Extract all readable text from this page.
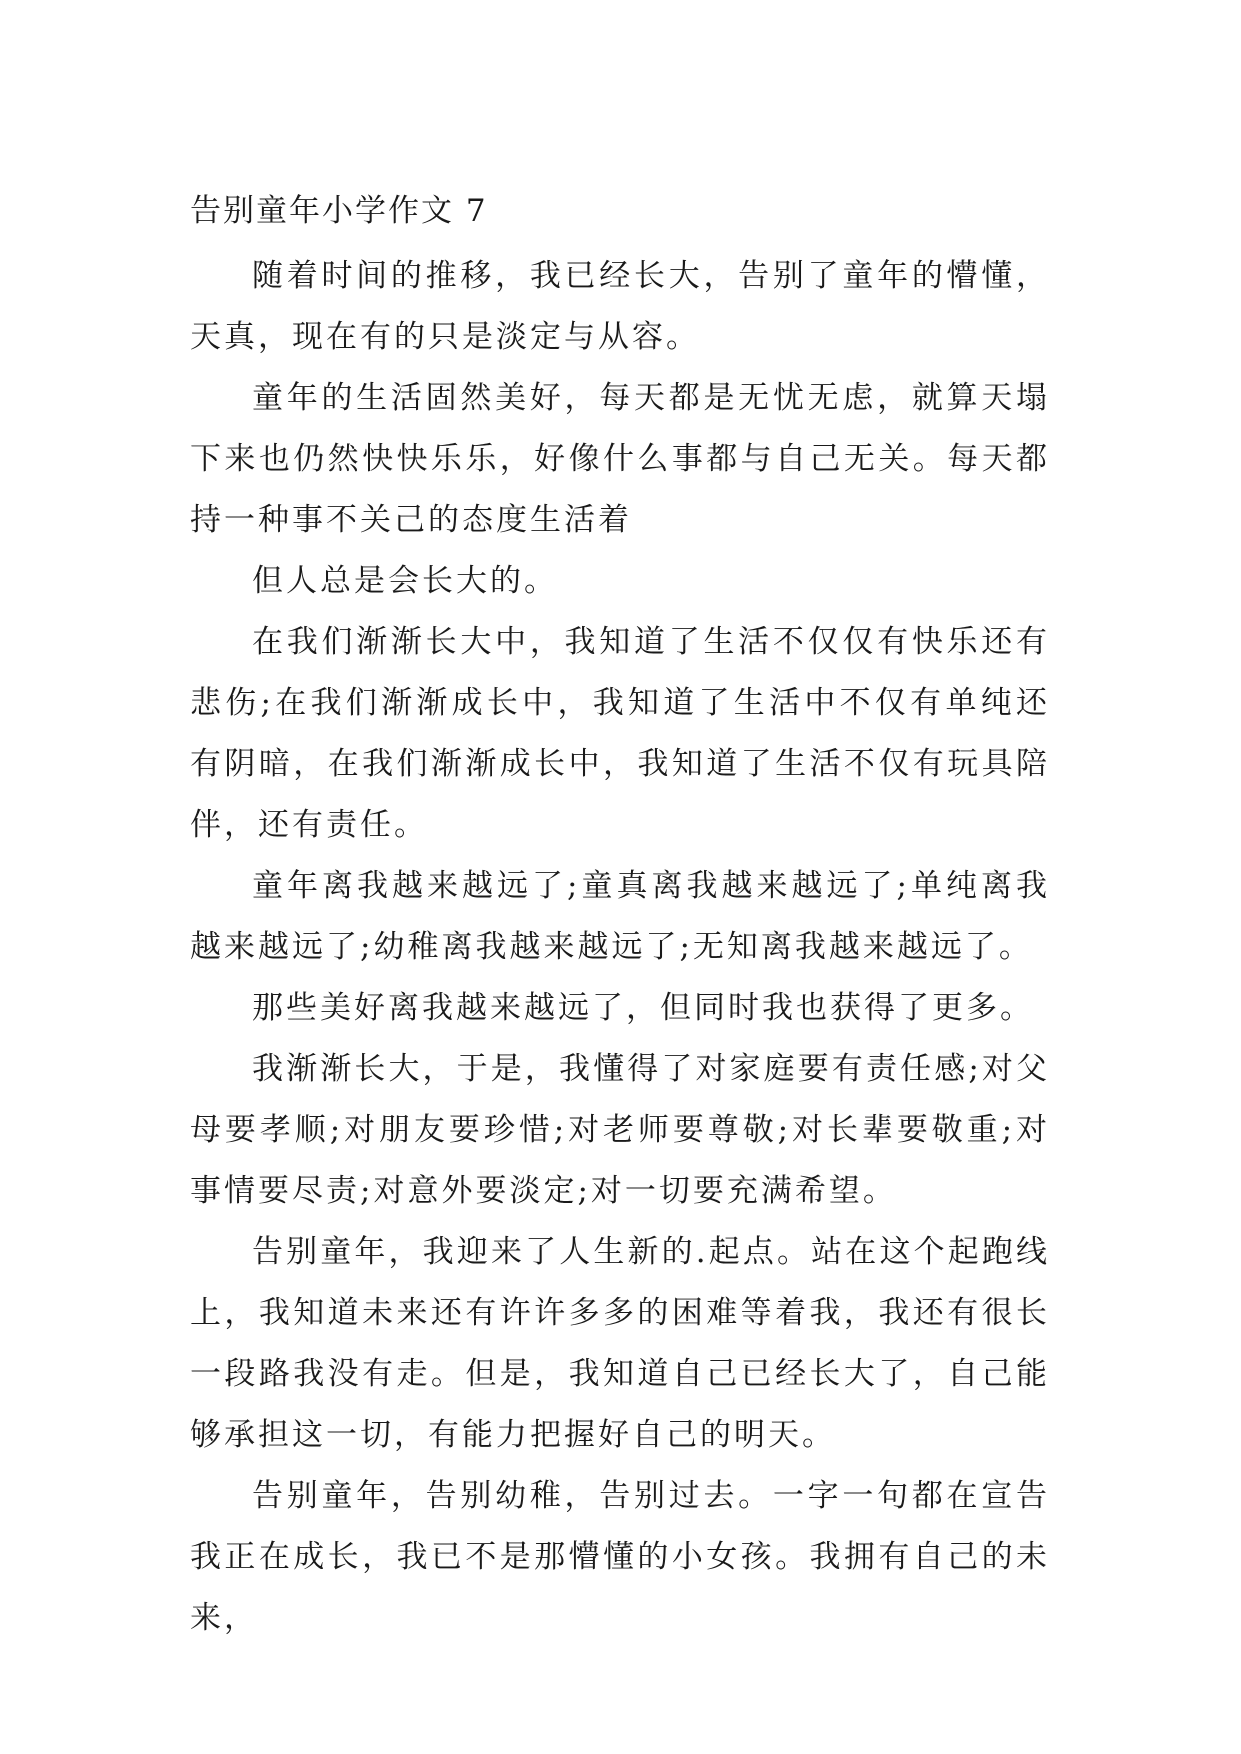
告别童年小学作文 7

随着时间的推移，我已经长大，告别了童年的懵懂，天真，现在有的只是淡定与从容。

童年的生活固然美好，每天都是无忧无虑，就算天塌下来也仍然快快乐乐，好像什么事都与自己无关。每天都持一种事不关己的态度生活着

但人总是会长大的。

在我们渐渐长大中，我知道了生活不仅仅有快乐还有悲伤;在我们渐渐成长中，我知道了生活中不仅有单纯还有阴暗，在我们渐渐成长中，我知道了生活不仅有玩具陪伴，还有责任。

童年离我越来越远了;童真离我越来越远了;单纯离我越来越远了;幼稚离我越来越远了;无知离我越来越远了。

那些美好离我越来越远了，但同时我也获得了更多。

我渐渐长大，于是，我懂得了对家庭要有责任感;对父母要孝顺;对朋友要珍惜;对老师要尊敬;对长辈要敬重;对事情要尽责;对意外要淡定;对一切要充满希望。

告别童年，我迎来了人生新的.起点。站在这个起跑线上，我知道未来还有许许多多的困难等着我，我还有很长一段路我没有走。但是，我知道自己已经长大了，自己能够承担这一切，有能力把握好自己的明天。

告别童年，告别幼稚，告别过去。一字一句都在宣告我正在成长，我已不是那懵懂的小女孩。我拥有自己的未来，
